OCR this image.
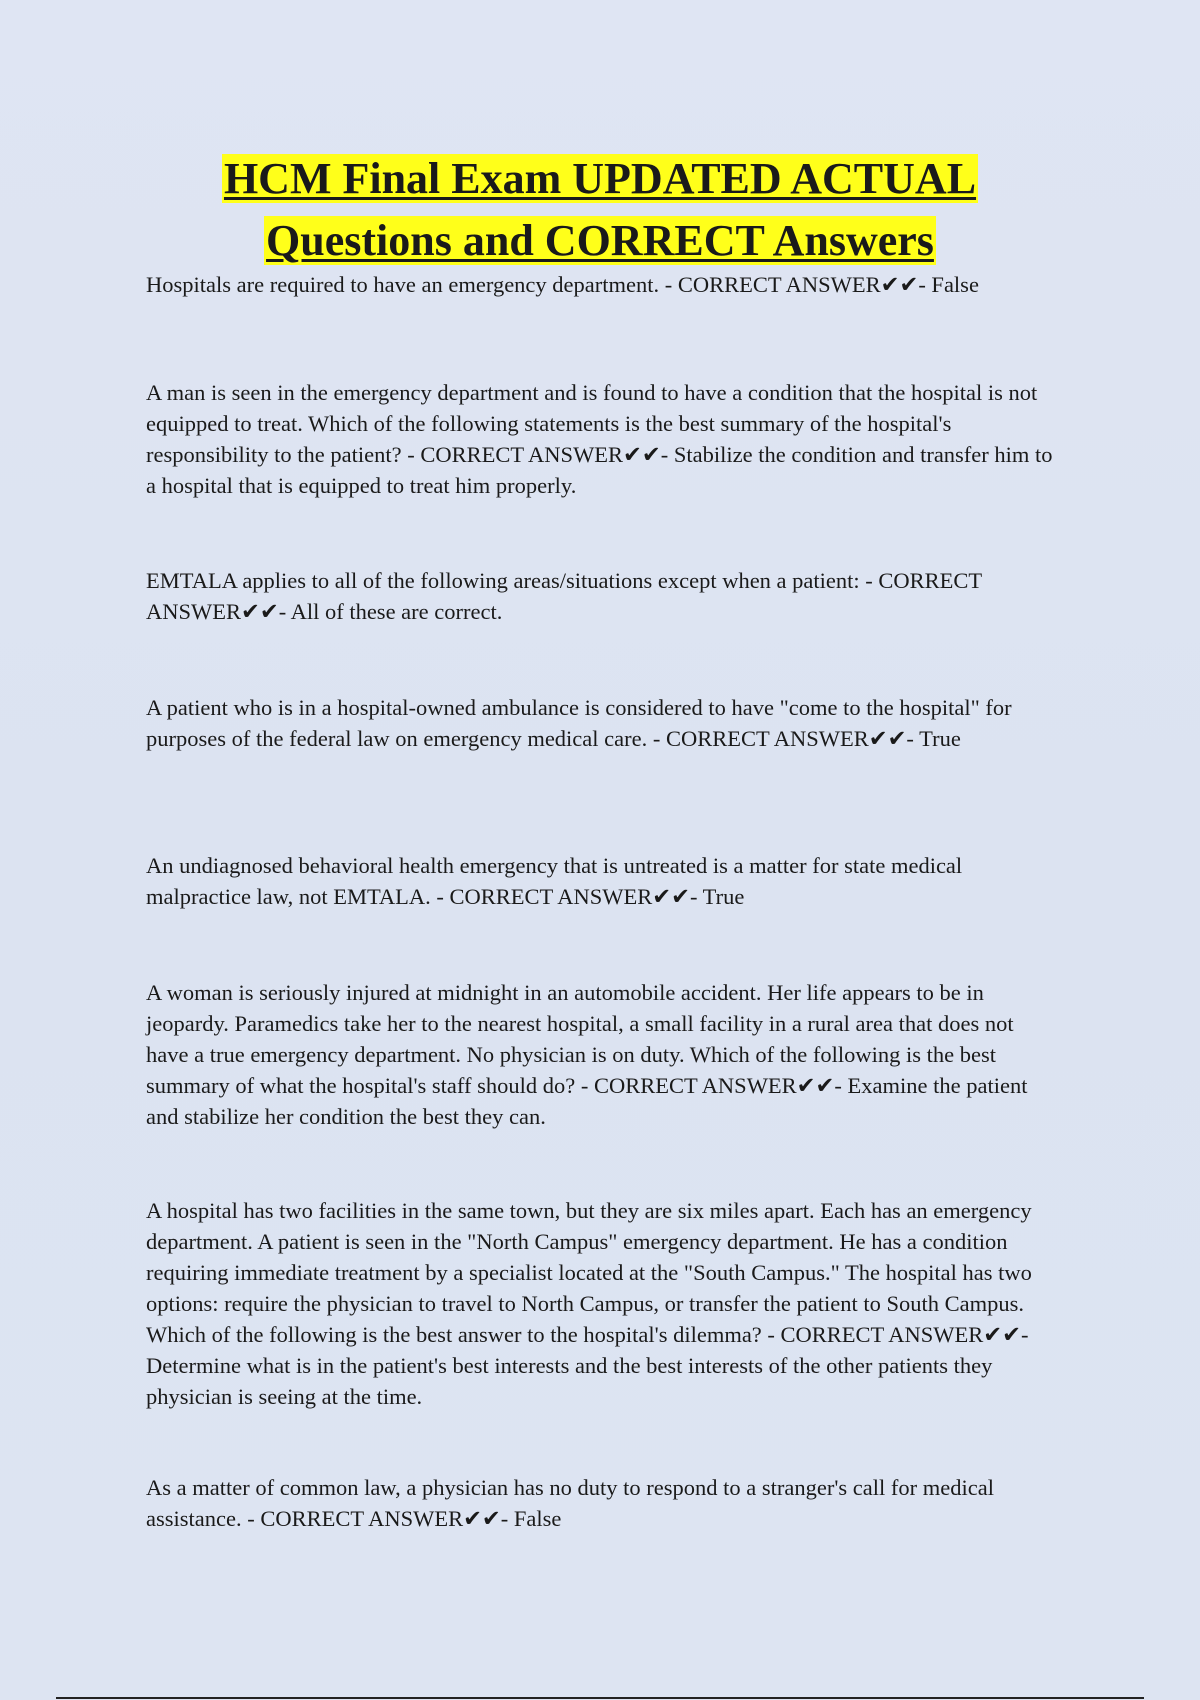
HCM Final Exam UPDATED ACTUAL
Questions and CORRECT Answers

Hospitals are required to have an emergency department. - CORRECT ANSWER✔✔- False

A man is seen in the emergency department and is found to have a condition that the hospital is not equipped to treat. Which of the following statements is the best summary of the hospital's responsibility to the patient? - CORRECT ANSWER✔✔- Stabilize the condition and transfer him to a hospital that is equipped to treat him properly.

EMTALA applies to all of the following areas/situations except when a patient: - CORRECT ANSWER✔✔- All of these are correct.

A patient who is in a hospital-owned ambulance is considered to have "come to the hospital" for purposes of the federal law on emergency medical care. - CORRECT ANSWER✔✔- True

An undiagnosed behavioral health emergency that is untreated is a matter for state medical malpractice law, not EMTALA. - CORRECT ANSWER✔✔- True

A woman is seriously injured at midnight in an automobile accident. Her life appears to be in jeopardy. Paramedics take her to the nearest hospital, a small facility in a rural area that does not have a true emergency department. No physician is on duty. Which of the following is the best summary of what the hospital's staff should do? - CORRECT ANSWER✔✔- Examine the patient and stabilize her condition the best they can.

A hospital has two facilities in the same town, but they are six miles apart. Each has an emergency department. A patient is seen in the "North Campus" emergency department. He has a condition requiring immediate treatment by a specialist located at the "South Campus." The hospital has two options: require the physician to travel to North Campus, or transfer the patient to South Campus. Which of the following is the best answer to the hospital's dilemma? - CORRECT ANSWER✔✔- Determine what is in the patient's best interests and the best interests of the other patients they physician is seeing at the time.

As a matter of common law, a physician has no duty to respond to a stranger's call for medical assistance. - CORRECT ANSWER✔✔- False
